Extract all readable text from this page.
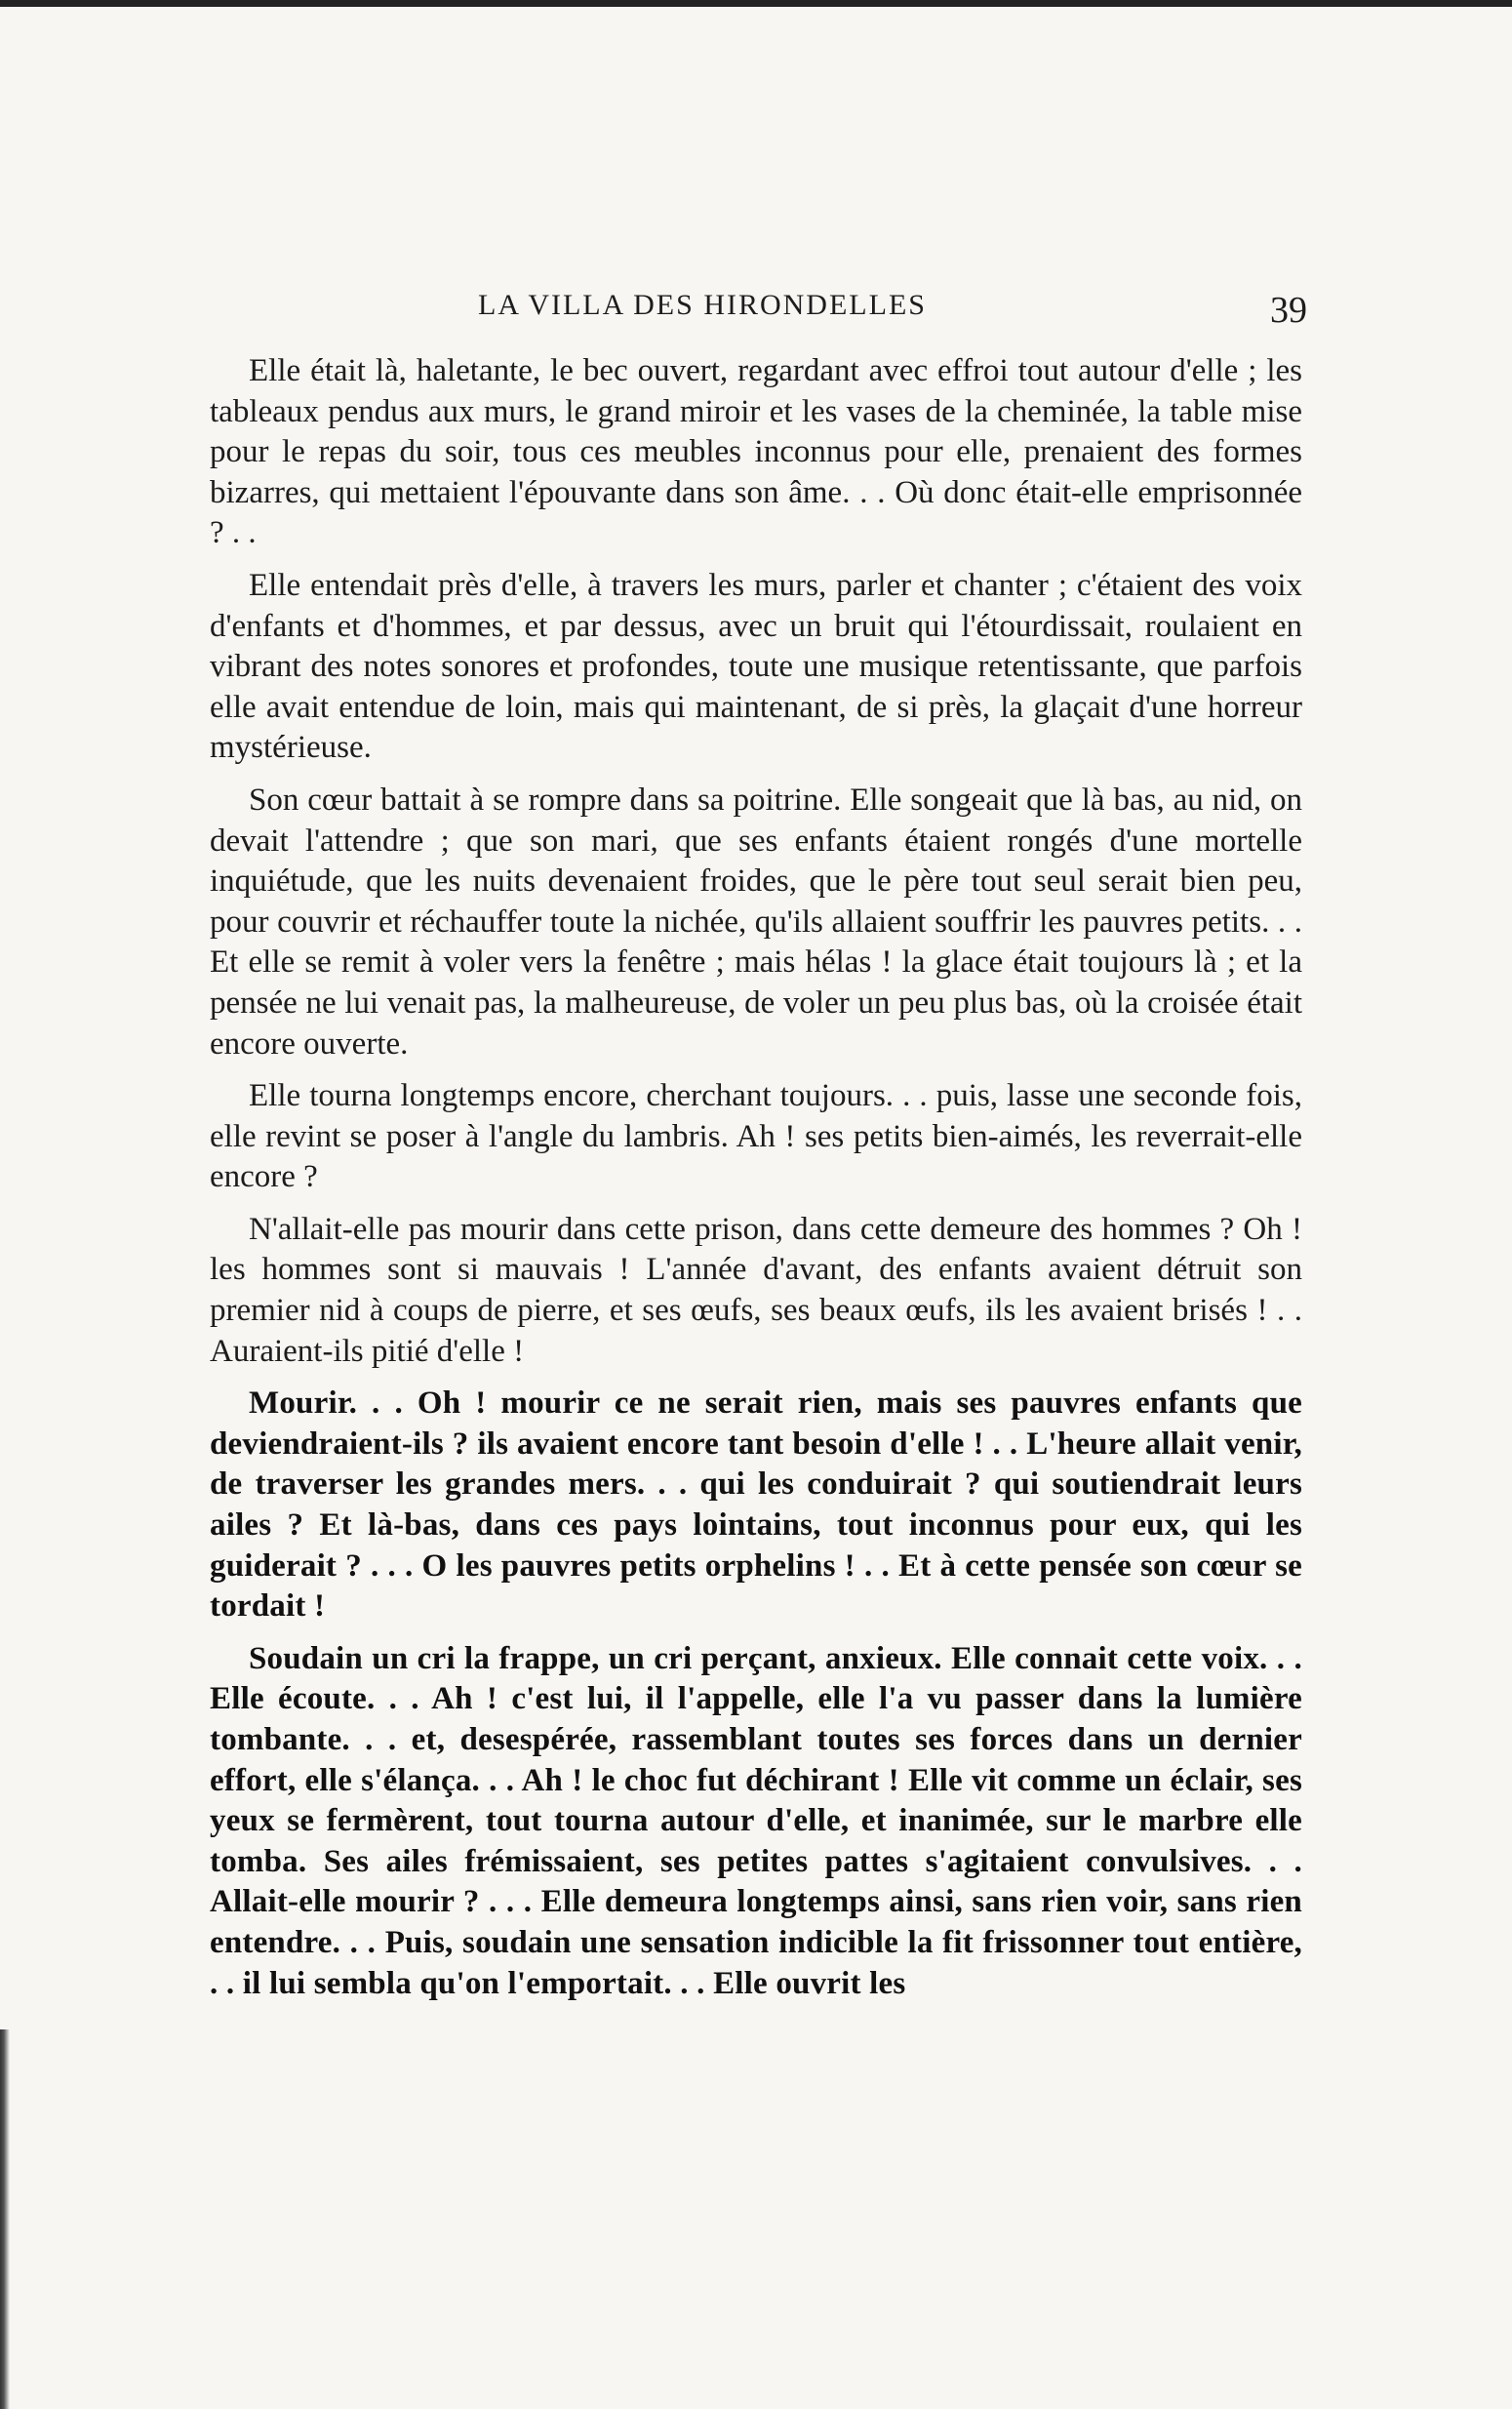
LA VILLA DES HIRONDELLES	39

Elle était là, haletante, le bec ouvert, regardant avec effroi tout autour d'elle ; les tableaux pendus aux murs, le grand miroir et les vases de la cheminée, la table mise pour le repas du soir, tous ces meubles inconnus pour elle, prenaient des formes bizarres, qui mettaient l'épouvante dans son âme. . . Où donc était-elle emprisonnée ? . .

Elle entendait près d'elle, à travers les murs, parler et chanter ; c'étaient des voix d'enfants et d'hommes, et par dessus, avec un bruit qui l'étourdissait, roulaient en vibrant des notes sonores et profondes, toute une musique retentissante, que parfois elle avait entendue de loin, mais qui maintenant, de si près, la glaçait d'une horreur mystérieuse.

Son cœur battait à se rompre dans sa poitrine. Elle songeait que là bas, au nid, on devait l'attendre ; que son mari, que ses enfants étaient rongés d'une mortelle inquiétude, que les nuits devenaient froides, que le père tout seul serait bien peu, pour couvrir et réchauffer toute la nichée, qu'ils allaient souffrir les pauvres petits. . . Et elle se remit à voler vers la fenêtre ; mais hélas ! la glace était toujours là ; et la pensée ne lui venait pas, la malheureuse, de voler un peu plus bas, où la croisée était encore ouverte.

Elle tourna longtemps encore, cherchant toujours. . . puis, lasse une seconde fois, elle revint se poser à l'angle du lambris. Ah ! ses petits bien-aimés, les reverrait-elle encore ?

N'allait-elle pas mourir dans cette prison, dans cette demeure des hommes ? Oh ! les hommes sont si mauvais ! L'année d'avant, des enfants avaient détruit son premier nid à coups de pierre, et ses œufs, ses beaux œufs, ils les avaient brisés ! . . Auraient-ils pitié d'elle !

Mourir. . . Oh ! mourir ce ne serait rien, mais ses pauvres enfants que deviendraient-ils ? ils avaient encore tant besoin d'elle ! . . L'heure allait venir, de traverser les grandes mers. . . qui les conduirait ? qui soutiendrait leurs ailes ? Et là-bas, dans ces pays lointains, tout inconnus pour eux, qui les guiderait ? . . . O les pauvres petits orphelins ! . . Et à cette pensée son cœur se tordait !

Soudain un cri la frappe, un cri perçant, anxieux. Elle connait cette voix. . . Elle écoute. . . Ah ! c'est lui, il l'appelle, elle l'a vu passer dans la lumière tombante. . . et, desespérée, rassemblant toutes ses forces dans un dernier effort, elle s'élança. . . Ah ! le choc fut déchirant ! Elle vit comme un éclair, ses yeux se fermèrent, tout tourna autour d'elle, et inanimée, sur le marbre elle tomba. Ses ailes frémissaient, ses petites pattes s'agitaient convulsives. . . Allait-elle mourir ? . . . Elle demeura longtemps ainsi, sans rien voir, sans rien entendre. . . Puis, soudain une sensation indicible la fit frissonner tout entière, . . il lui sembla qu'on l'emportait. . . Elle ouvrit les
